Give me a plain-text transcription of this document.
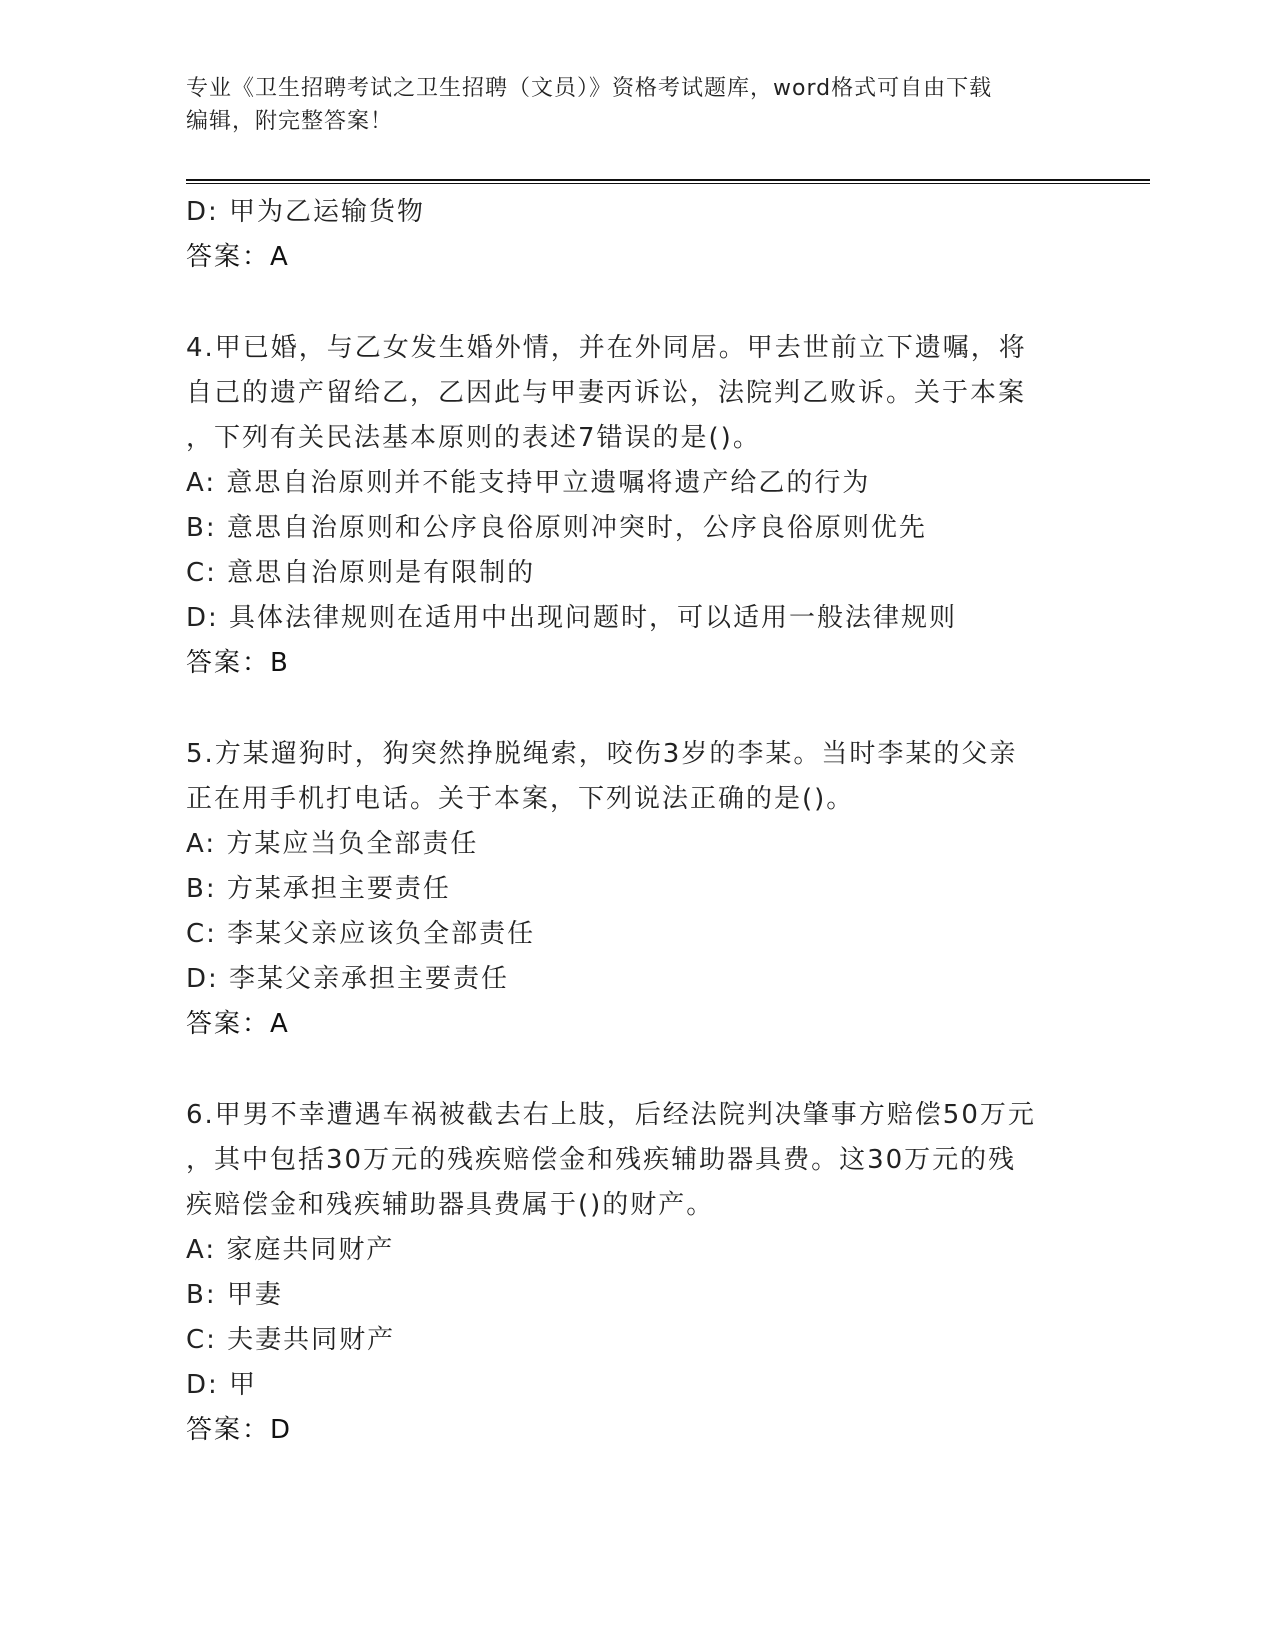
专业《卫生招聘考试之卫生招聘（文员）》资格考试题库，word格式可自由下载
编辑，附完整答案！
D: 甲为乙运输货物
答案：A
4.甲已婚，与乙女发生婚外情，并在外同居。甲去世前立下遗嘱，将
自己的遗产留给乙，乙因此与甲妻丙诉讼，法院判乙败诉。关于本案
，下列有关民法基本原则的表述7错误的是()。
A: 意思自治原则并不能支持甲立遗嘱将遗产给乙的行为
B: 意思自治原则和公序良俗原则冲突时，公序良俗原则优先
C: 意思自治原则是有限制的
D: 具体法律规则在适用中出现问题时，可以适用一般法律规则
答案：B
5.方某遛狗时，狗突然挣脱绳索，咬伤3岁的李某。当时李某的父亲
正在用手机打电话。关于本案，下列说法正确的是()。
A: 方某应当负全部责任
B: 方某承担主要责任
C: 李某父亲应该负全部责任
D: 李某父亲承担主要责任
答案：A
6.甲男不幸遭遇车祸被截去右上肢，后经法院判决肇事方赔偿50万元
，其中包括30万元的残疾赔偿金和残疾辅助器具费。这30万元的残
疾赔偿金和残疾辅助器具费属于()的财产。
A: 家庭共同财产
B: 甲妻
C: 夫妻共同财产
D: 甲
答案：D
